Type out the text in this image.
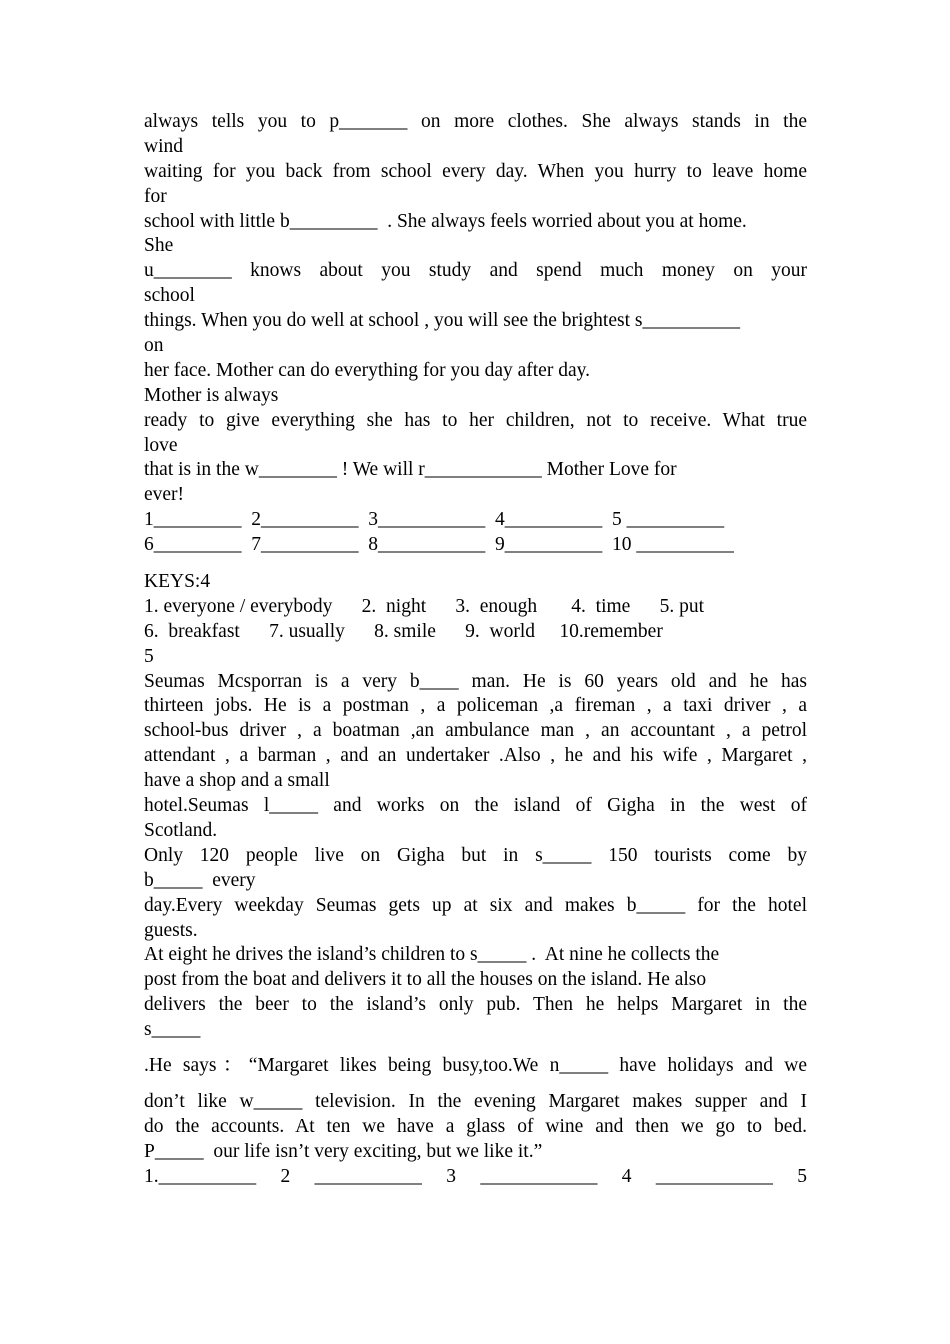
always tells you to p_______ on more clothes. She always stands in the
wind
waiting for you back from school every day. When you hurry to leave home
for
school with little b_________  . She always feels worried about you at home.
She
u________ knows about you study and spend much money on your
school
things. When you do well at school , you will see the brightest s__________
on
her face. Mother can do everything for you day after day.
Mother is always
ready to give everything she has to her children, not to receive. What true
love
that is in the w________ ! We will r____________ Mother Love for
ever!
1_________  2__________  3___________  4__________  5 __________
6_________  7__________  8___________  9__________  10 __________
KEYS:4
1. everyone / everybody      2.  night      3.  enough       4.  time      5. put
6.  breakfast      7. usually      8. smile      9.  world     10.remember
5
Seumas Mcsporran is a very b____ man. He is 60 years old and he has
thirteen jobs. He is a postman , a policeman ,a fireman , a taxi driver , a
school-bus driver , a boatman ,an ambulance man , an accountant , a petrol
attendant , a barman , and an undertaker .Also , he and his wife , Margaret ,
have a shop and a small
hotel.Seumas l_____ and works on the island of Gigha in the west of
Scotland.
Only 120 people live on Gigha but in s_____ 150 tourists come by
b_____  every
day.Every weekday Seumas gets up at six and makes b_____ for the hotel
guests.
At eight he drives the island’s children to s_____ .  At nine he collects the
post from the boat and delivers it to all the houses on the island. He also
delivers the beer to the island’s only pub. Then he helps Margaret in the
s_____
.He says：“Margaret likes being busy,too.We n_____ have holidays and we
don’t like w_____ television. In the evening Margaret makes supper and I
do the accounts. At ten we have a glass of wine and then we go to bed.
P_____  our life isn’t very exciting, but we like it.”
1.__________ 2 ___________ 3 ____________ 4 ____________ 5
